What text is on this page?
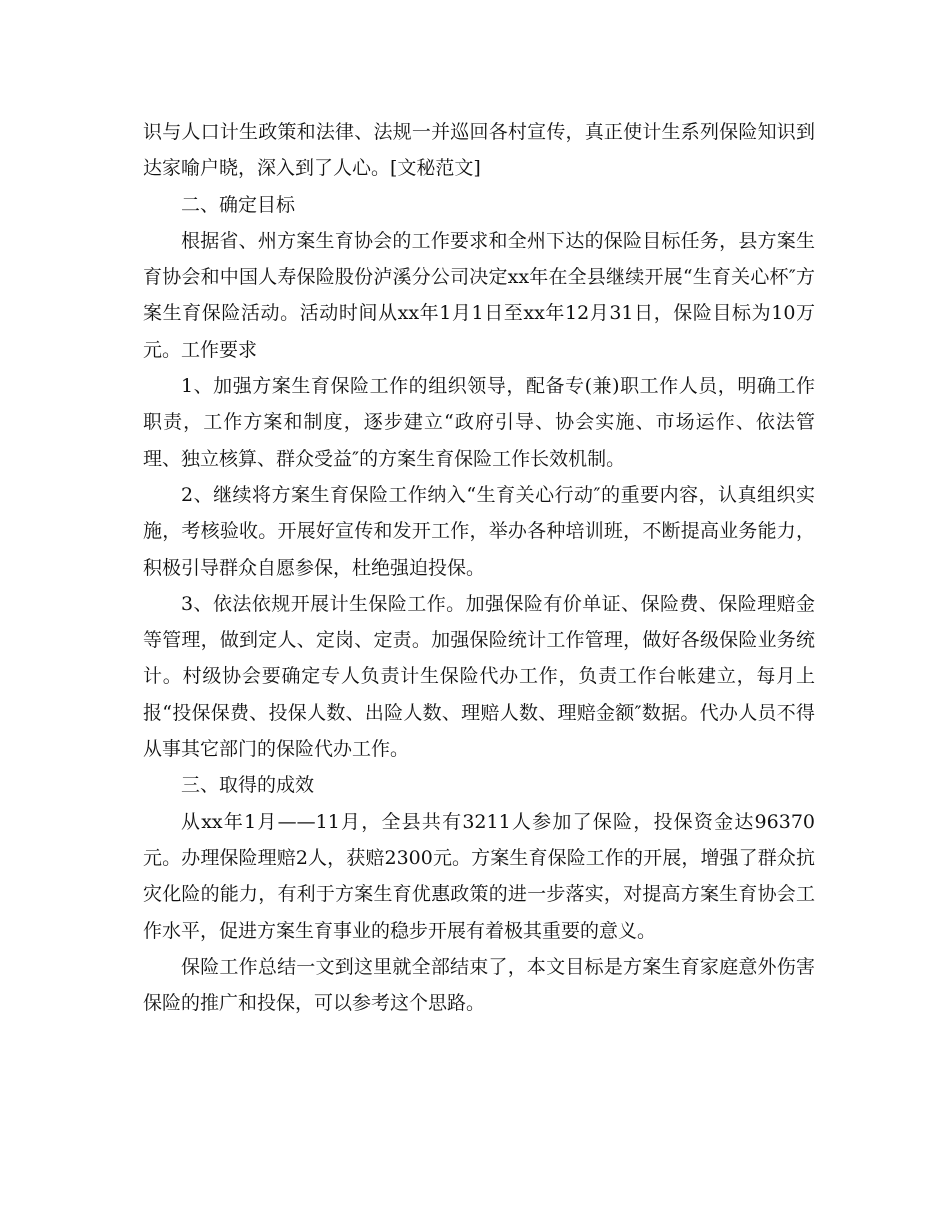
识与人口计生政策和法律、法规一并巡回各村宣传，真正使计生系列保险知识到达家喻户晓，深入到了人心。[文秘范文]

二、确定目标

根据省、州方案生育协会的工作要求和全州下达的保险目标任务，县方案生育协会和中国人寿保险股份泸溪分公司决定xx年在全县继续开展“生育关心杯″方案生育保险活动。活动时间从xx年1月1日至xx年12月31日，保险目标为10万元。工作要求

1、加强方案生育保险工作的组织领导，配备专(兼)职工作人员，明确工作职责，工作方案和制度，逐步建立“政府引导、协会实施、市场运作、依法管理、独立核算、群众受益″的方案生育保险工作长效机制。

2、继续将方案生育保险工作纳入“生育关心行动″的重要内容，认真组织实施，考核验收。开展好宣传和发开工作，举办各种培训班，不断提高业务能力，积极引导群众自愿参保，杜绝强迫投保。

3、依法依规开展计生保险工作。加强保险有价单证、保险费、保险理赔金等管理，做到定人、定岗、定责。加强保险统计工作管理，做好各级保险业务统计。村级协会要确定专人负责计生保险代办工作，负责工作台帐建立，每月上报“投保保费、投保人数、出险人数、理赔人数、理赔金额″数据。代办人员不得从事其它部门的保险代办工作。

三、取得的成效

从xx年1月——11月，全县共有3211人参加了保险，投保资金达96370元。办理保险理赔2人，获赔2300元。方案生育保险工作的开展，增强了群众抗灾化险的能力，有利于方案生育优惠政策的进一步落实，对提高方案生育协会工作水平，促进方案生育事业的稳步开展有着极其重要的意义。

保险工作总结一文到这里就全部结束了，本文目标是方案生育家庭意外伤害保险的推广和投保，可以参考这个思路。
